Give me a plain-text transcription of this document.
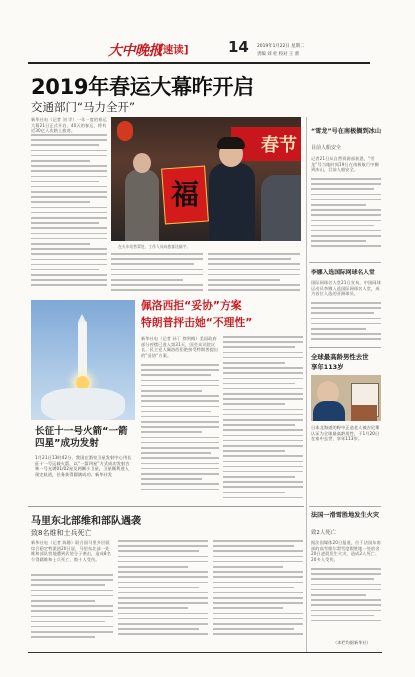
大中晚报
[速读]	14 2019年1月22日 星期二
责编 刘 杜 校对 王 蕾
2019年春运大幕昨开启
交通部门“马力全开”
新华社电（记者 刘 学）一年一度的春运大幕21日正式开启，40天的春运，将有近30亿人次踏上旅途。
春节
福
在火车站售票处，工作人员向旅客送福字。
“雪龙”号在南极搁到冰山
目前人船安全
记者21日从自然资源部获悉，“雪龙”号当地时间19日在南极航行中搁到冰山，目前人船安全。
李娜入选国际网球名人堂
国际网球名人堂21日宣布，中国网球运动员李娜入选国际网球名人堂，成为首位入选的亚洲球员。
佩洛西拒“妥协”方案
特朗普抨击她“不理性”
新华社电（记者 孙丁 徐剑梅）美国政府部分停摆已进入第31天，国会众议院议长、民主党人佩洛西拒绝接受特朗普提出的“妥协”方案。
长征十一号火箭“一箭四星”成功发射
1月21日13时42分，我国在酒泉卫星发射中心用长征十一号运载火箭，以“一箭四星”方式成功发射吉林一号光谱01/02星及两颗小卫星，卫星顺利进入预定轨道，任务获得圆满成功。新华社发
全球最高龄男性去世
享年113岁
日本北海道的野中正造老人被吉尼斯认证为全球最高龄男性，于1月20日在家中去世，享年113岁。
马里东北部维和部队遇袭
致8名维和士兵死亡
新华社电（记者 陈静）联合国马里多层面综合稳定特派团20日说，马里东北部一处维和部队营地遭到武装分子袭击，造成8名乍得籍维和士兵死亡、数十人受伤。
法国一滑雪胜地发生火灾
致2人死亡
据法国媒体20日报道，位于法国东南部的高雪维尔滑雪度假胜地一处宿舍20日凌晨发生火灾，造成2人死亡、20多人受伤。
（本栏均据新华社）
